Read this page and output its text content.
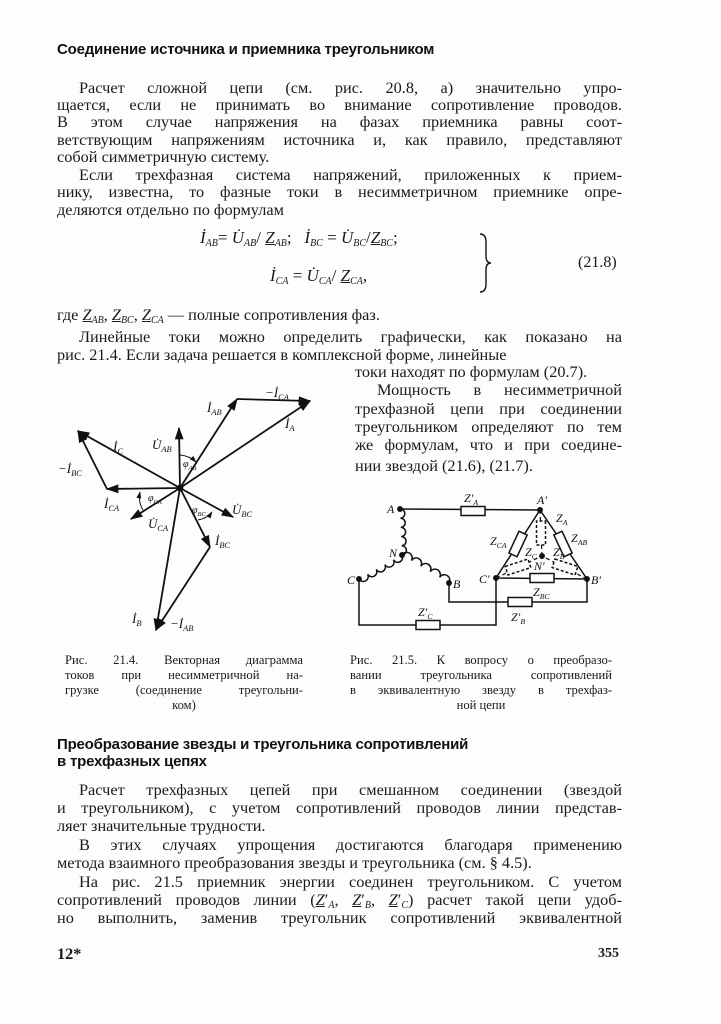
$İ_{AB}$
$-İ_{CA}$
$İ_A$
$U̇_{AB}$
$İ_C$
$-İ_{BC}$
$İ_{CA}$
$\varphi_{CA}$
$U̇_{CA}$
$\varphi_{BC}$ $U̇_{BC}$
$İ_{BC}$
$İ_B$ $-İ_{AB}$
$\varphi_{AB}$
A
A′
N
C	B C′	B′
N′
$Z'_A$
$Z_A$
$Z_{CA}$
$Z_{AB}$
$Z_C$ $Z_B$
$Z_{BC}$
$Z'_B$
$Z'_C$
Соединение источника и приемника треугольником
Расчет сложной цепи (см. рис. 20.8, а) значительно упро-
щается, если не принимать во внимание сопротивление проводов.
В этом случае напряжения на фазах приемника равны соот-
ветствующим напряжениям источника и, как правило, представляют
собой симметричную систему.
Если трехфазная система напряжений, приложенных к прием-
нику, известна, то фазные токи в несимметричном приемнике опре-
деляются отдельно по формулам
Линейные токи можно определить графически, как показано на
рис. 21.4. Если задача решается в комплексной форме, линейные
токи находят по формулам (20.7).
Мощность в несимметричной
трехфазной цепи при соединении
треугольником определяют по тем
же формулам, что и при соедине-
нии звездой (21.6), (21.7).
Расчет трехфазных цепей при смешанном соединении (звездой
и треугольником), с учетом сопротивлений проводов линии представ-
ляет значительные трудности.
В этих случаях упрощения достигаются благодаря применению
метода взаимного преобразования звезды и треугольника (см. § 4.5).
На рис. 21.5 приемник энергии соединен треугольником. С учетом
но выполнить, заменив треугольник сопротивлений эквивалентной
$İ_{AB}=$ $U̇_{AB}/$ $Z_{AB}$; $İ_{BC}$ = $U̇_{BC}/Z_{BC}$;
$İ_{CA}$ = $U̇_{CA}/$ $Z_{CA}$,
(21.8)
где $Z_{AB}$, $Z_{BC}$, $Z_{CA}$ — полные сопротивления фаз.
Рис. 21.4. Векторная диаграмма
токов при несимметричной на-
грузке (соединение треугольни-
ком)
Рис. 21.5. К вопросу о преобразо-
вании треугольника сопротивлений
в эквивалентную звезду в трехфаз-
ной цепи
Преобразование звезды и треугольника сопротивлений
в трехфазных цепях
сопротивлений проводов линии ($Z'_A$, $Z'_B$, $Z'_C$) расчет такой цепи удоб-
12*	355
